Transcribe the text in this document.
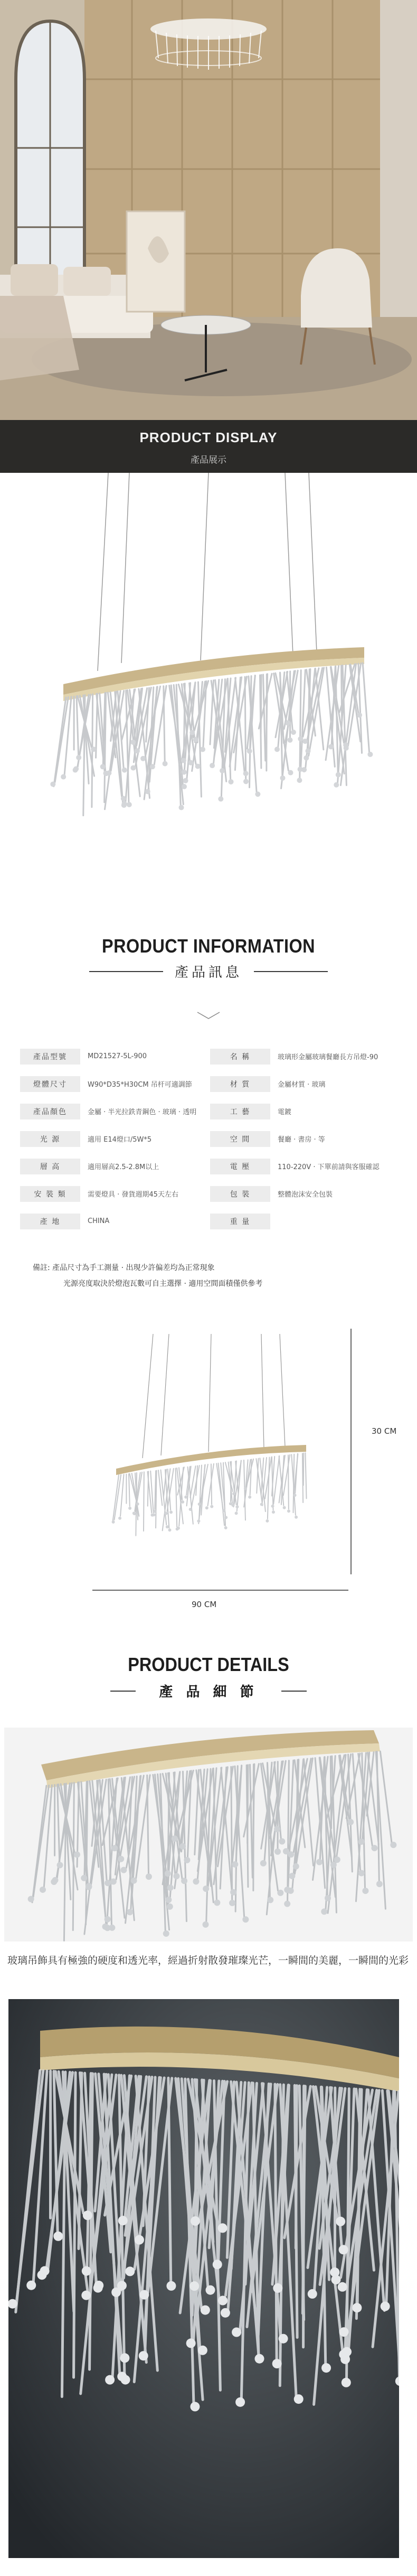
PRODUCT DISPLAY
產品展示
PRODUCT INFORMATION
產品訊息
產品型號	MD21527-5L-900	名 稱	玻璃形金屬玻璃餐廳長方吊燈-90
燈體尺寸	W90*D35*H30CM 吊杆可適調節	材 質	金屬材質 · 玻璃
產品顏色	金屬 · 半光拉鉄青鋼色 · 玻璃 · 透明	工 藝	電鍍
光 源	適用 E14燈口/5W*5	空 間	餐廳 · 書房 · 等
層 高	適用層高2.5-2.8M以上	電 壓	110-220V · 下單前請與客服確認
安 裝 類	需要燈具 · 發貨週期45天左右	包 裝	整體泡沫安全包裝
產 地	CHINA	重 量
備註: 產品尺寸為手工測量 · 出現少許偏差均為正常現象
光源亮度取決於燈泡瓦數可自主選擇 · 適用空間面積僅供參考
30 CM
90 CM
PRODUCT DETAILS
產 品 細 節
玻璃吊飾具有極強的硬度和透光率，經過折射散發璀璨光芒，一瞬間的美麗，一瞬間的光彩
